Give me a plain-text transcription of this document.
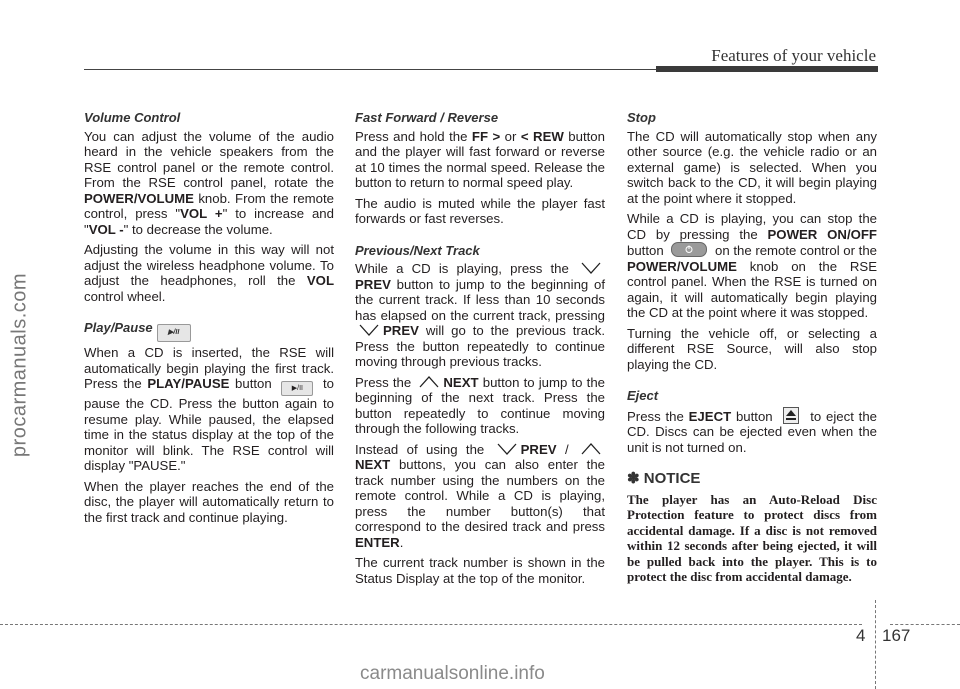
Features of your vehicle
procarmanuals.com
Volume Control

You can adjust the volume of the audio heard in the vehicle speakers from the RSE control panel or the remote control. From the RSE control panel, rotate the POWER/VOLUME knob. From the remote control, press "VOL +" to increase and "VOL -" to decrease the volume.

Adjusting the volume in this way will not adjust the wireless headphone volume. To adjust the headphones, roll the VOL control wheel.

Play/Pause ▶/II

When a CD is inserted, the RSE will automatically begin playing the first track. Press the PLAY/PAUSE button ▶/II to pause the CD. Press the button again to resume play. While paused, the elapsed time in the status display at the top of the monitor will blink. The RSE control will display "PAUSE."

When the player reaches the end of the disc, the player will automatically return to the first track and continue playing.

Fast Forward / Reverse

Press and hold the FF > or < REW button and the player will fast forward or reverse at 10 times the normal speed. Release the button to return to normal speed play.

The audio is muted while the player fast forwards or fast reverses.

Previous/Next Track

While a CD is playing, press the PREV button to jump to the beginning of the current track. If less than 10 seconds has elapsed on the current track, pressing PREV will go to the previous track. Press the button repeatedly to continue moving through previous tracks.

Press the NEXT button to jump to the beginning of the next track. Press the button repeatedly to continue moving through the following tracks.

Instead of using the PREV / NEXT buttons, you can also enter the track number using the numbers on the remote control. While a CD is playing, press the number button(s) that correspond to the desired track and press ENTER.

The current track number is shown in the Status Display at the top of the monitor.

Stop

The CD will automatically stop when any other source (e.g. the vehicle radio or an external game) is selected. When you switch back to the CD, it will begin playing at the point where it stopped.

While a CD is playing, you can stop the CD by pressing the POWER ON/OFF button	on the remote control or the POWER/VOLUME knob on the RSE control panel. When the RSE is turned on again, it will automatically begin playing the CD at the point where it was stopped.

Turning the vehicle off, or selecting a different RSE Source, will also stop playing the CD.

Eject

Press the EJECT button
to eject the CD. Discs can be ejected even when the unit is not turned on.

✽ NOTICE
The player has an Auto-Reload Disc Protection feature to protect discs from accidental damage. If a disc is not removed within 12 seconds after being ejected, it will be pulled back into the player. This is to protect the disc from accidental damage.
4 167
carmanualsonline.info
